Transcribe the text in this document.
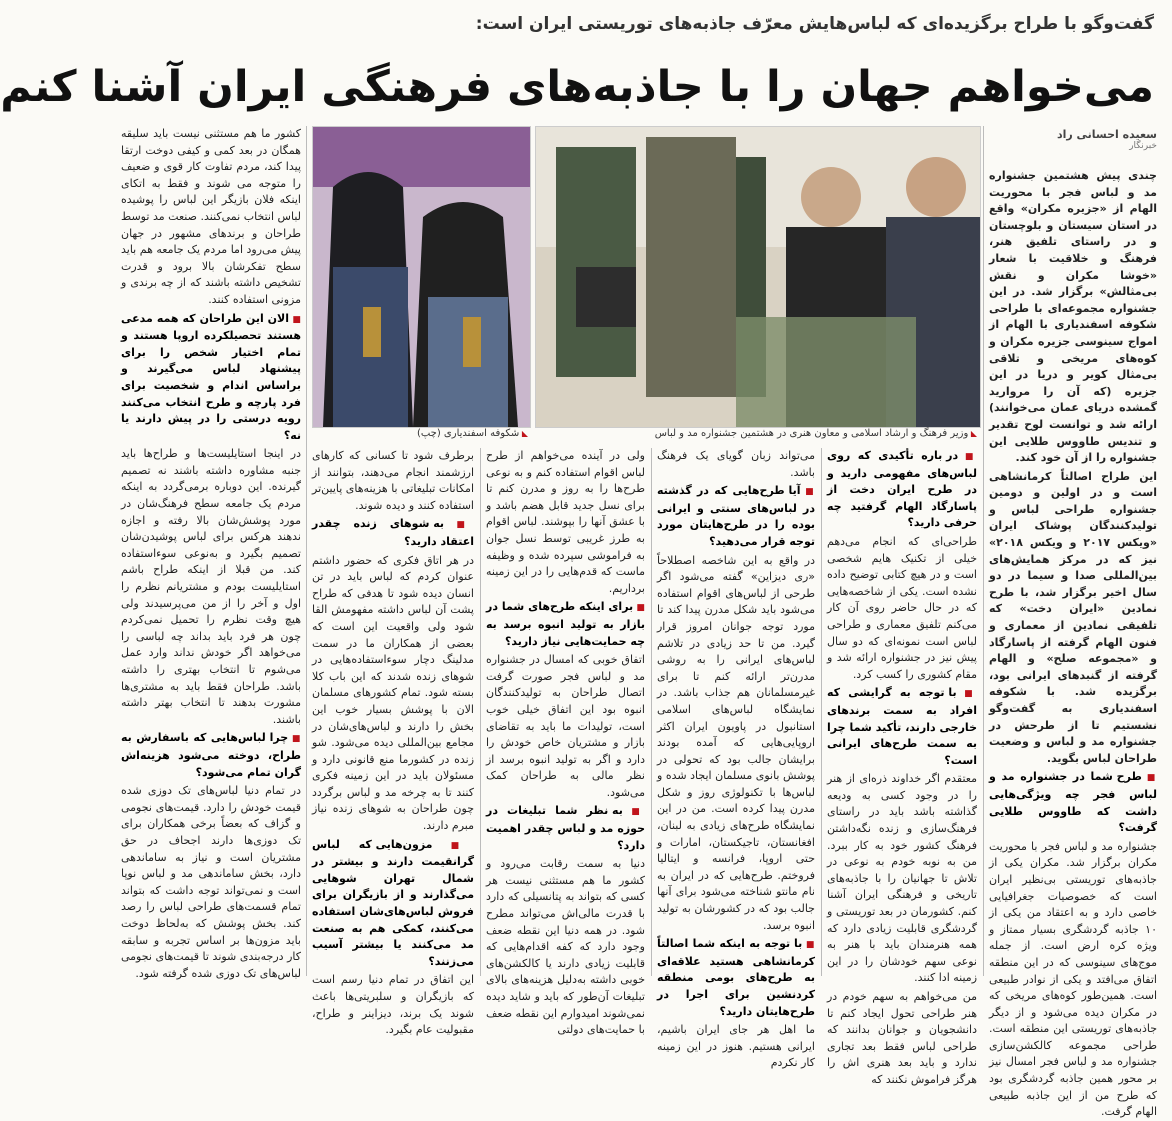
گفت‌وگو با طراح برگزیده‌ای که لباس‌هایش معرّف جاذبه‌های توریستی ایران است:
می‌خواهم جهان را با جاذبه‌های فرهنگی ایران آشنا کنم
◣ وزیر فرهنگ و ارشاد اسلامی و معاون هنری در هشتمین جشنواره مد و لباس
◣ شکوفه اسفندیاری (چپ)
سعیده احسانی راد
خبرنگار

چندی پیش هشتمین جشنواره مد و لباس فجر با محوریت الهام از «جزیره مکران» واقع در استان سیستان و بلوچستان و در راستای تلفیق هنر، فرهنگ و خلاقیت با شعار «خوشا مکران و نقش بی‌مثالش» برگزار شد. در این جشنواره مجموعه‌ای با طراحی شکوفه اسفندیاری با الهام از امواج سینوسی جزیره مکران و کوه‌های مریخی و تلاقی بی‌مثال کویر و دریا در این جزیره (که آن را مروارید گمشده دریای عمان می‌خوانند) ارائه شد و توانست لوح تقدیر و تندیس طاووس طلایی این جشنواره را از آن خود کند.

این طراح اصالتاً کرمانشاهی است و در اولین و دومین جشنواره طراحی لباس و تولیدکنندگان پوشاک ایران «ویکس ۲۰۱۷ و ویکس ۲۰۱۸» نیز که در مرکز همایش‌های بین‌المللی صدا و سیما در دو سال اخیر برگزار شد، با طرح نمادین «ایران دخت» که تلفیقی نمادین از معماری و فنون الهام گرفته از پاسارگاد و «مجموعه صلح» و الهام گرفته از گنبدهای ایرانی بود، برگزیده شد. با شکوفه اسفندیاری به گفت‌وگو نشستیم تا از طرحش در جشنواره مد و لباس و وضعیت طراحان لباس بگوید.

■ طرح شما در جشنواره مد و لباس فجر چه ویژگی‌هایی داشت که طاووس طلایی گرفت؟

جشنواره مد و لباس فجر با محوریت مکران برگزار شد. مکران یکی از جاذبه‌های توریستی بی‌نظیر ایران است که خصوصیات جغرافیایی خاصی دارد و به اعتقاد من یکی از ۱۰ جاذبه گردشگری بسیار ممتاز و ویژه کره ارض است. از جمله موج‌های سینوسی که در این منطقه اتفاق می‌افتد و یکی از نوادر طبیعی است. همین‌طور کوه‌های مریخی که در مکران دیده می‌شود و از دیگر جاذبه‌های توریستی این منطقه است. طراحی مجموعه کالکشن‌سازی جشنواره مد و لباس فجر امسال نیز بر محور همین جاذبه گردشگری بود که طرح من از این جاذبه طبیعی الهام گرفت.

■ در باره تأکیدی که روی لباس‌های مفهومی دارید و در طرح ایران دخت از پاسارگاد الهام گرفتید چه حرفی دارید؟

طراحی‌ای که انجام می‌دهم خیلی از تکنیک هایم شخصی است و در هیچ کتابی توضیح داده نشده است. یکی از شاخصه‌هایی که در حال حاضر روی آن کار می‌کنم تلفیق معماری و طراحی لباس است نمونه‌ای که دو سال پیش نیز در جشنواره ارائه شد و مقام کشوری را کسب کرد.

■ با توجه به گرایشی که افراد به سمت برندهای خارجی دارند، تأکید شما چرا به سمت طرح‌های ایرانی است؟

معتقدم اگر خداوند ذره‌ای از هنر را در وجود کسی به ودیعه گذاشته باشد باید در راستای فرهنگ‌سازی و زنده نگه‌داشتن فرهنگ کشور خود به کار ببرد. من به نوبه خودم به نوعی در تلاش تا جهانیان را با جاذبه‌های تاریخی و فرهنگی ایران آشنا کنم. کشورمان در بعد توریستی و گردشگری قابلیت زیادی دارد که همه هنرمندان باید با هنر به نوعی سهم خودشان را در این زمینه ادا کنند.

من می‌خواهم به سهم خودم در هنر طراحی تحول ایجاد کنم تا دانشجویان و جوانان بدانند که طراحی لباس فقط بعد تجاری ندارد و باید بعد هنری اش را هرگز فراموش نکنند که

می‌تواند زبان گویای یک فرهنگ باشد.

■ آیا طرح‌هایی که در گذشته در لباس‌های سنتی و ایرانی بوده را در طرح‌هایتان مورد توجه قرار می‌دهید؟

در واقع به این شاخصه اصطلاحاً «ری دیزاین» گفته می‌شود اگر طرحی از لباس‌های اقوام استفاده می‌شود باید شکل مدرن پیدا کند تا مورد توجه جوانان امروز قرار گیرد. من تا حد زیادی در تلاشم لباس‌های ایرانی را به روشی مدرن‌تر ارائه کنم تا برای غیرمسلمانان هم جذاب باشد. در نمایشگاه لباس‌های اسلامی استانبول در پاویون ایران اکثر اروپایی‌هایی که آمده بودند برایشان جالب بود که تحولی در پوشش بانوی مسلمان ایجاد شده و لباس‌ها با تکنولوژی روز و شکل مدرن پیدا کرده است. من در این نمایشگاه طرح‌های زیادی به لبنان، افغانستان، تاجیکستان، امارات و حتی اروپا، فرانسه و ایتالیا فروختم. طرح‌هایی که در ایران به نام مانتو شناخته می‌شود برای آنها جالب بود که در کشورشان به تولید انبوه برسد.

■ با توجه به اینکه شما اصالتاً کرمانشاهی هستید علاقه‌ای به طرح‌های بومی منطقه کردنشین برای اجرا در طرح‌هایتان دارید؟

ما اهل هر جای ایران باشیم، ایرانی هستیم. هنوز در این زمینه کار نکردم

ولی در آینده می‌خواهم از طرح لباس اقوام استفاده کنم و به نوعی طرح‌ها را به روز و مدرن کنم تا برای نسل جدید قابل هضم باشد و با عشق آنها را بپوشند. لباس اقوام به طرز غریبی توسط نسل جوان به فراموشی سپرده شده و وظیفه ماست که قدم‌هایی را در این زمینه برداریم.

■ برای اینکه طرح‌های شما در بازار به تولید انبوه برسد به چه حمایت‌هایی نیاز دارید؟

اتفاق خوبی که امسال در جشنواره مد و لباس فجر صورت گرفت اتصال طراحان به تولیدکنندگان انبوه بود این اتفاق خیلی خوب است، تولیدات ما باید به تقاضای بازار و مشتریان خاص خودش را دارد و اگر به تولید انبوه برسد از نظر مالی به طراحان کمک می‌شود.

■ به نظر شما تبلیغات در حوزه مد و لباس چقدر اهمیت دارد؟

دنیا به سمت رقابت می‌رود و کشور ما هم مستثنی نیست هر کسی که بتواند به پتانسیلی که دارد با قدرت مالی‌اش می‌تواند مطرح شود. در همه دنیا این نقطه ضعف وجود دارد که کفه اقدام‌هایی که قابلیت زیادی دارند یا کالکشن‌های خوبی داشته به‌دلیل هزینه‌های بالای تبلیغات آن‌طور که باید و شاید دیده نمی‌شوند امیدوارم این نقطه ضعف با حمایت‌های دولتی

برطرف شود تا کسانی که کارهای ارزشمند انجام می‌دهند، بتوانند از امکانات تبلیغاتی با هزینه‌های پایین‌تر استفاده کنند و دیده شوند.

■ به شوهای زنده چقدر اعتقاد دارید؟

در هر اتاق فکری که حضور داشتم عنوان کردم که لباس باید در تن انسان دیده شود تا هدفی که طراح پشت آن لباس داشته مفهومش القا شود ولی واقعیت این است که بعضی از همکاران ما در سمت مدلینگ دچار سوءاستفاده‌هایی در شوهای زنده شدند که این باب کلا بسته شود. تمام کشورهای مسلمان الان با پوشش بسیار خوب این بخش را دارند و لباس‌های‌شان در مجامع بین‌المللی دیده می‌شود. شو زنده در کشورما منع قانونی دارد و مسئولان باید در این زمینه فکری کنند تا به چرخه مد و لباس برگردد چون طراحان به شوهای زنده نیاز مبرم دارند.

■ مزون‌هایی که لباس گرانقیمت دارند و بیشتر در شمال تهران شوهایی می‌گذارند و از بازیگران برای فروش لباس‌های‌شان استفاده می‌کنند، کمکی هم به صنعت مد می‌کنند یا بیشتر آسیب می‌زنند؟

این اتفاق در تمام دنیا رسم است که بازیگران و سلبریتی‌ها باعث شوند یک برند، دیزاینر و طراح، مقبولیت عام بگیرد.

کشور ما هم مستثنی نیست باید سلیقه همگان در بعد کمی و کیفی دوخت ارتقا پیدا کند، مردم تفاوت کار قوی و ضعیف را متوجه می شوند و فقط به اتکای اینکه فلان بازیگر این لباس را پوشیده لباس انتخاب نمی‌کنند. صنعت مد توسط طراحان و برندهای مشهور در جهان پیش می‌رود اما مردم یک جامعه هم باید سطح تفکرشان بالا برود و قدرت تشخیص داشته باشند که از چه برندی و مزونی استفاده کنند.

■ الان این طراحان که همه مدعی هستند تحصیلکرده اروپا هستند و تمام اختیار شخص را برای پیشنهاد لباس می‌گیرند و براساس اندام و شخصیت برای فرد پارچه و طرح انتخاب می‌کنند رویه درستی را در پیش دارند یا نه؟

در اینجا استایلیست‌ها و طراح‌ها باید جنبه مشاوره داشته باشند نه تصمیم گیرنده. این دوباره برمی‌گردد به اینکه مردم یک جامعه سطح فرهنگ‌شان در مورد پوشش‌شان بالا رفته و اجازه ندهند هرکس برای لباس پوشیدن‌شان تصمیم بگیرد و به‌نوعی سوءاستفاده کند. من قبلا از اینکه طراح باشم استایلیست بودم و مشتریانم نظرم را اول و آخر را از من می‌پرسیدند ولی هیچ وقت نظرم را تحمیل نمی‌کردم چون هر فرد باید بداند چه لباسی را می‌خواهد اگر خودش نداند وارد عمل می‌شوم تا انتخاب بهتری را داشته باشد. طراحان فقط باید به مشتری‌ها مشورت بدهند تا انتخاب بهتر داشته باشند.

■ چرا لباس‌هایی که باسفارش به طراح، دوخته می‌شود هزینه‌اش گران تمام می‌شود؟

در تمام دنیا لباس‌های تک دوزی شده قیمت خودش را دارد. قیمت‌های نجومی و گزاف که بعضاً برخی همکاران برای تک دوزی‌ها دارند اجحاف در حق مشتریان است و نیاز به ساماندهی دارد، بخش ساماندهی مد و لباس نوپا است و نمی‌تواند توجه داشت که بتواند تمام قسمت‌های طراحی لباس را رصد کند. بخش پوشش که به‌لحاظ دوخت باید مزون‌ها بر اساس تجربه و سابقه کار درجه‌بندی شوند تا قیمت‌های نجومی لباس‌های تک دوزی شده گرفته شود.
